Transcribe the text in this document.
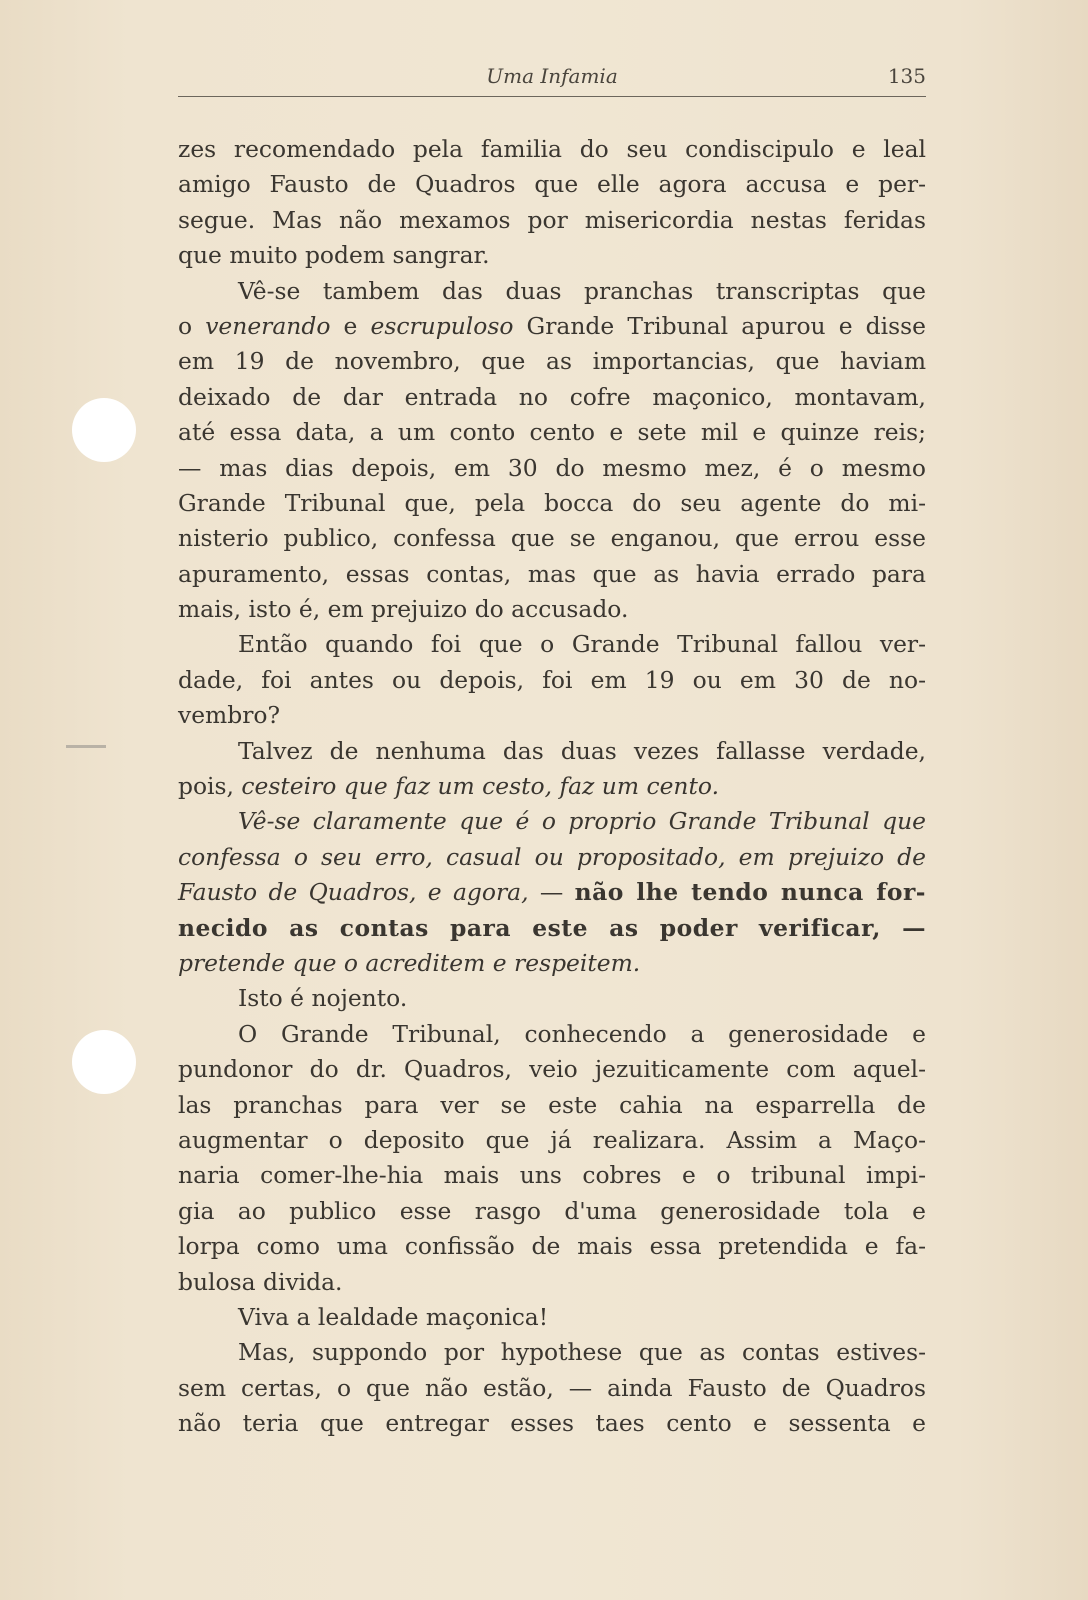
Uma Infamia	135
zes recomendado pela familia do seu condiscipulo e leal
amigo Fausto de Quadros que elle agora accusa e per-
segue. Mas não mexamos por misericordia nestas feridas
que muito podem sangrar.
Vê-se tambem das duas pranchas transcriptas que
o venerando e escrupuloso Grande Tribunal apurou e disse
em 19 de novembro, que as importancias, que haviam
deixado de dar entrada no cofre maçonico, montavam,
até essa data, a um conto cento e sete mil e quinze reis;
— mas dias depois, em 30 do mesmo mez, é o mesmo
Grande Tribunal que, pela bocca do seu agente do mi-
nisterio publico, confessa que se enganou, que errou esse
apuramento, essas contas, mas que as havia errado para
mais, isto é, em prejuizo do accusado.
Então quando foi que o Grande Tribunal fallou ver-
dade, foi antes ou depois, foi em 19 ou em 30 de no-
vembro?
Talvez de nenhuma das duas vezes fallasse verdade,
pois, cesteiro que faz um cesto, faz um cento.
Vê-se claramente que é o proprio Grande Tribunal que
confessa o seu erro, casual ou propositado, em prejuizo de
Fausto de Quadros, e agora, — não lhe tendo nunca for-
necido as contas para este as poder verificar, —
pretende que o acreditem e respeitem.
Isto é nojento.
O Grande Tribunal, conhecendo a generosidade e
pundonor do dr. Quadros, veio jezuiticamente com aquel-
las pranchas para ver se este cahia na esparrella de
augmentar o deposito que já realizara. Assim a Maço-
naria comer-lhe-hia mais uns cobres e o tribunal impi-
gia ao publico esse rasgo d'uma generosidade tola e
lorpa como uma confissão de mais essa pretendida e fa-
bulosa divida.
Viva a lealdade maçonica!
Mas, suppondo por hypothese que as contas estives-
sem certas, o que não estão, — ainda Fausto de Quadros
não teria que entregar esses taes cento e sessenta e
